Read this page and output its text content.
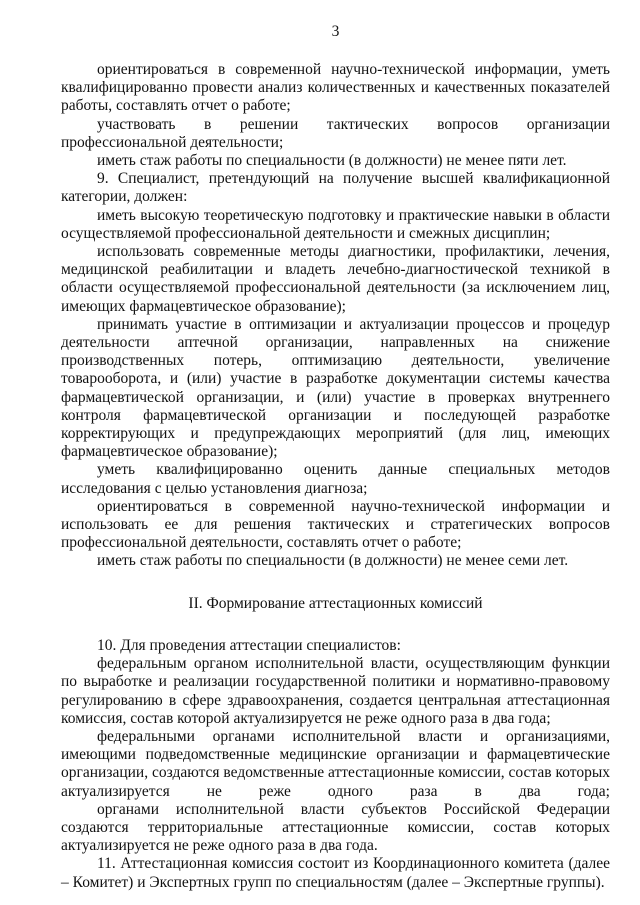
3

ориентироваться в современной научно-технической информации, уметь квалифицированно провести анализ количественных и качественных показателей работы, составлять отчет о работе;

участвовать в решении тактических вопросов организации профессиональной деятельности;

иметь стаж работы по специальности (в должности) не менее пяти лет.

9. Специалист, претендующий на получение высшей квалификационной категории, должен:

иметь высокую теоретическую подготовку и практические навыки в области осуществляемой профессиональной деятельности и смежных дисциплин;

использовать современные методы диагностики, профилактики, лечения, медицинской реабилитации и владеть лечебно-диагностической техникой в области осуществляемой профессиональной деятельности (за исключением лиц, имеющих фармацевтическое образование);

принимать участие в оптимизации и актуализации процессов и процедур деятельности аптечной организации, направленных на снижение производственных потерь, оптимизацию деятельности, увеличение товарооборота, и (или) участие в разработке документации системы качества фармацевтической организации, и (или) участие в проверках внутреннего контроля фармацевтической организации и последующей разработке корректирующих и предупреждающих мероприятий (для лиц, имеющих фармацевтическое образование);

уметь квалифицированно оценить данные специальных методов исследования с целью установления диагноза;

ориентироваться в современной научно-технической информации и использовать ее для решения тактических и стратегических вопросов профессиональной деятельности, составлять отчет о работе;

иметь стаж работы по специальности (в должности) не менее семи лет.

II. Формирование аттестационных комиссий

10. Для проведения аттестации специалистов:

федеральным органом исполнительной власти, осуществляющим функции по выработке и реализации государственной политики и нормативно-правовому регулированию в сфере здравоохранения, создается центральная аттестационная комиссия, состав которой актуализируется не реже одного раза в два года;

федеральными органами исполнительной власти и организациями, имеющими подведомственные медицинские организации и фармацевтические организации, создаются ведомственные аттестационные комиссии, состав которых актуализируется не реже одного раза в два года;

органами исполнительной власти субъектов Российской Федерации создаются территориальные аттестационные комиссии, состав которых актуализируется не реже одного раза в два года.

11. Аттестационная комиссия состоит из Координационного комитета (далее – Комитет) и Экспертных групп по специальностям (далее – Экспертные группы).
